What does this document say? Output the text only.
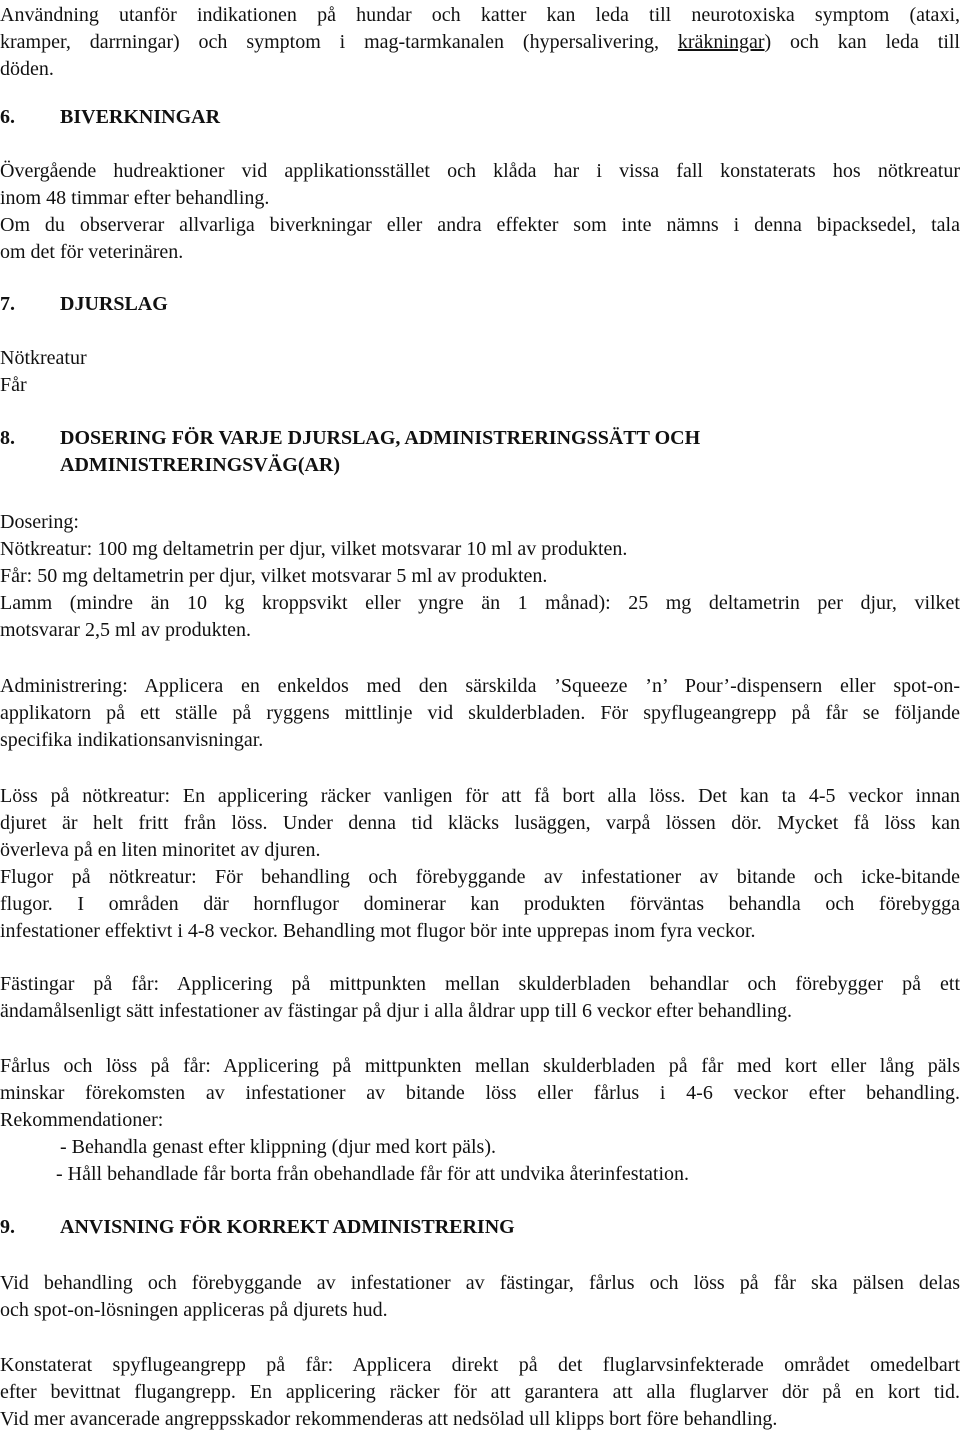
Användning utanför indikationen på hundar och katter kan leda till neurotoxiska symptom (ataxi,
kramper, darrningar) och symptom i mag-tarmkanalen (hypersalivering, kräkningar) och kan leda till
döden.
6. BIVERKNINGAR
Övergående hudreaktioner vid applikationsstället och klåda har i vissa fall konstaterats hos nötkreatur
inom 48 timmar efter behandling.
Om du observerar allvarliga biverkningar eller andra effekter som inte nämns i denna bipacksedel, tala
om det för veterinären.
7. DJURSLAG
Nötkreatur
Får
8. DOSERING FÖR VARJE DJURSLAG, ADMINISTRERINGSSÄTT OCH
ADMINISTRERINGSVÄG(AR)
Dosering:
Nötkreatur: 100 mg deltametrin per djur, vilket motsvarar 10 ml av produkten.
Får: 50 mg deltametrin per djur, vilket motsvarar 5 ml av produkten.
Lamm (mindre än 10 kg kroppsvikt eller yngre än 1 månad): 25 mg deltametrin per djur, vilket
motsvarar 2,5 ml av produkten.
Administrering: Applicera en enkeldos med den särskilda ’Squeeze ’n’ Pour’-dispensern eller spot-on-
applikatorn på ett ställe på ryggens mittlinje vid skulderbladen. För spyflugeangrepp på får se följande
specifika indikationsanvisningar.
Löss på nötkreatur: En applicering räcker vanligen för att få bort alla löss. Det kan ta 4-5 veckor innan
djuret är helt fritt från löss. Under denna tid kläcks lusäggen, varpå lössen dör. Mycket få löss kan
överleva på en liten minoritet av djuren.
Flugor på nötkreatur: För behandling och förebyggande av infestationer av bitande och icke-bitande
flugor. I områden där hornflugor dominerar kan produkten förväntas behandla och förebygga
infestationer effektivt i 4-8 veckor. Behandling mot flugor bör inte upprepas inom fyra veckor.
Fästingar på får: Applicering på mittpunkten mellan skulderbladen behandlar och förebygger på ett
ändamålsenligt sätt infestationer av fästingar på djur i alla åldrar upp till 6 veckor efter behandling.
Fårlus och löss på får: Applicering på mittpunkten mellan skulderbladen på får med kort eller lång päls
minskar förekomsten av infestationer av bitande löss eller fårlus i 4-6 veckor efter behandling.
Rekommendationer:
- Behandla genast efter klippning (djur med kort päls).
- Håll behandlade får borta från obehandlade får för att undvika återinfestation.
9. ANVISNING FÖR KORREKT ADMINISTRERING
Vid behandling och förebyggande av infestationer av fästingar, fårlus och löss på får ska pälsen delas
och spot-on-lösningen appliceras på djurets hud.
Konstaterat spyflugeangrepp på får: Applicera direkt på det fluglarvsinfekterade området omedelbart
efter bevittnat flugangrepp. En applicering räcker för att garantera att alla fluglarver dör på en kort tid.
Vid mer avancerade angreppsskador rekommenderas att nedsölad ull klipps bort före behandling.
